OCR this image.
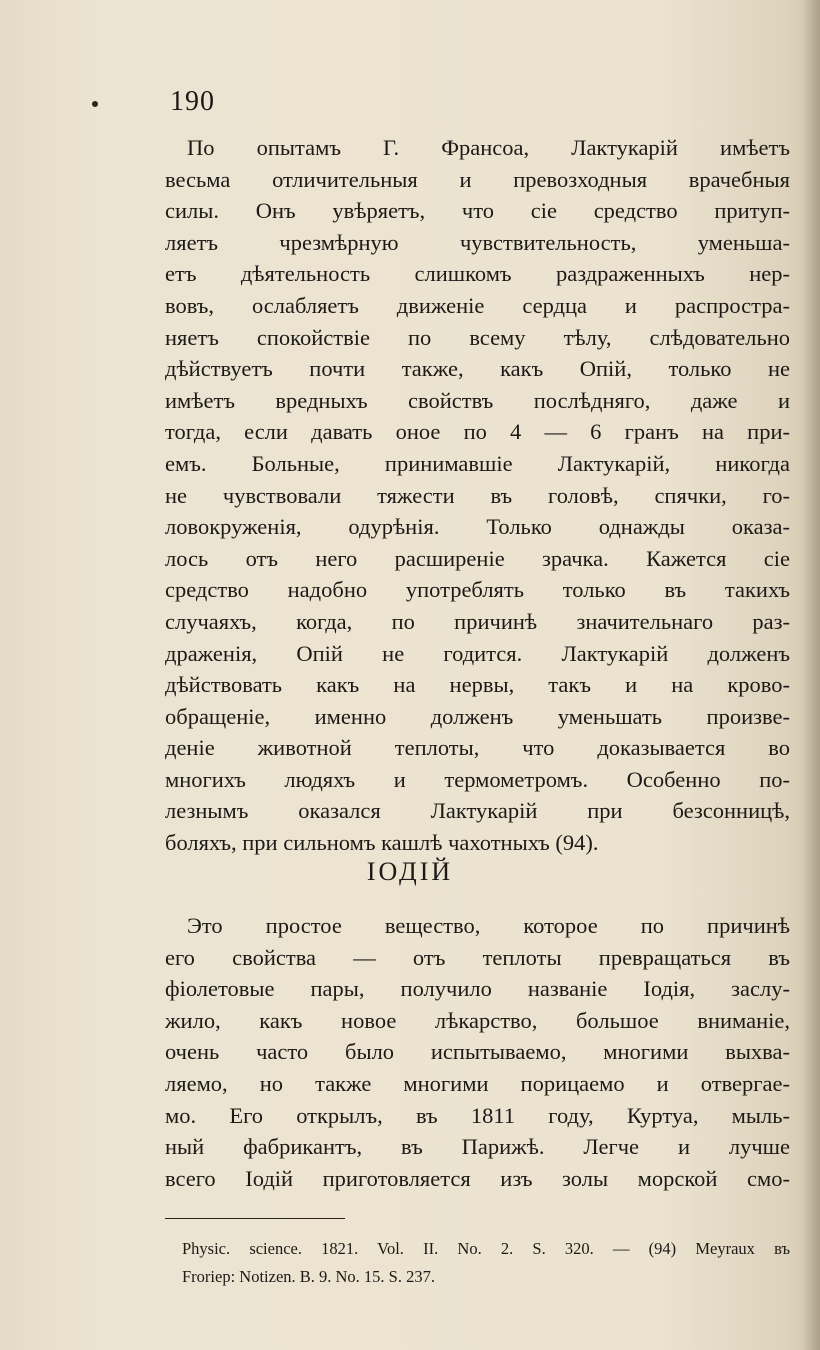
190
По опытамъ Г. Франсоа, Лактукарій имѣетъ
весьма отличительныя и превозходныя врачебныя
силы. Онъ увѣряетъ, что сіе средство притуп-
ляетъ чрезмѣрную чувствительность, уменьша-
етъ дѣятельность слишкомъ раздраженныхъ нер-
вовъ, ослабляетъ движеніе сердца и распростра-
няетъ спокойствіе по всему тѣлу, слѣдовательно
дѣйствуетъ почти также, какъ Опій, только не
имѣетъ вредныхъ свойствъ послѣдняго, даже и
тогда, если давать оное по 4 — 6 гранъ на при-
емъ. Больные, принимавшіе Лактукарій, никогда
не чувствовали тяжести въ головѣ, спячки, го-
ловокруженія, одурѣнія. Только однажды оказа-
лось отъ него расширеніе зрачка. Кажется сіе
средство надобно употреблять только въ такихъ
случаяхъ, когда, по причинѣ значительнаго раз-
драженія, Опій не годится. Лактукарій долженъ
дѣйствовать какъ на нервы, такъ и на крово-
обращеніе, именно долженъ уменьшать произве-
деніе животной теплоты, что доказывается во
многихъ людяхъ и термометромъ. Особенно по-
лезнымъ оказался Лактукарій при безсонницѣ,
боляхъ, при сильномъ кашлѣ чахотныхъ (94).
ІОДІЙ
Это простое вещество, которое по причинѣ
его свойства — отъ теплоты превращаться въ
фіолетовые пары, получило названіе Іодія, заслу-
жило, какъ новое лѣкарство, большое вниманіе,
очень часто было испытываемо, многими выхва-
ляемо, но также многими порицаемо и отвергае-
мо. Его открылъ, въ 1811 году, Куртуа, мыль-
ный фабрикантъ, въ Парижѣ. Легче и лучше
всего Іодій приготовляется изъ золы морской смо-
Physic. science. 1821. Vol. II. No. 2. S. 320. — (94) Meyraux въ
Froriep: Notizen. B. 9. No. 15. S. 237.
